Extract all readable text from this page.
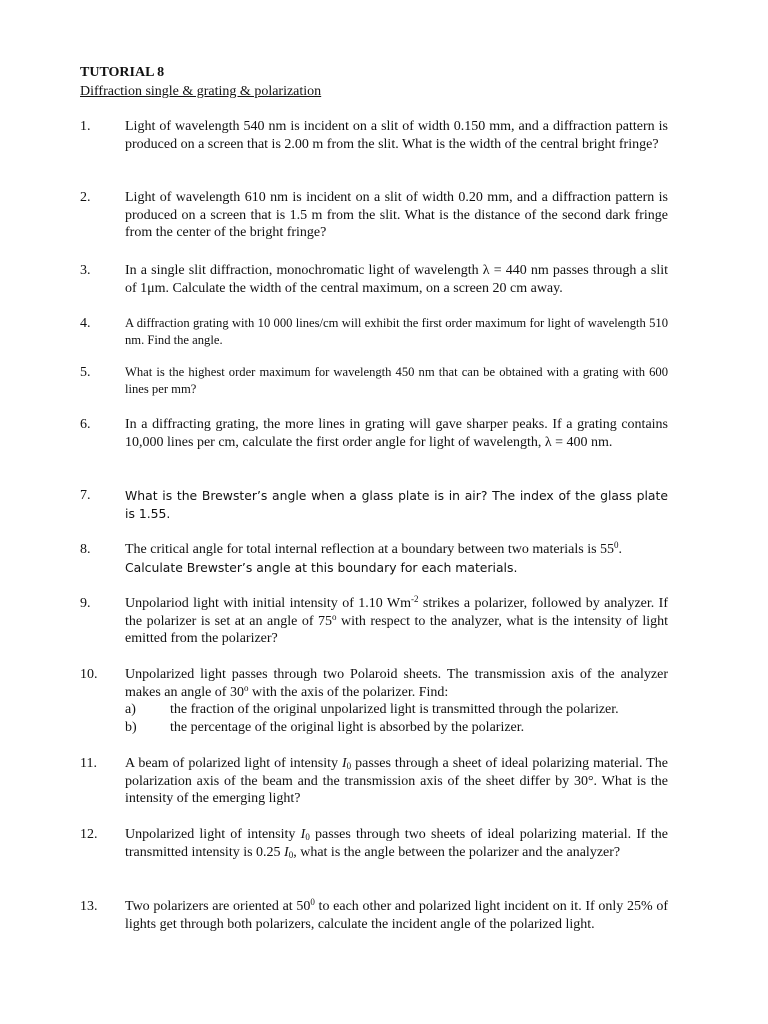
TUTORIAL 8
Diffraction single & grating & polarization
1. Light of wavelength 540 nm is incident on a slit of width 0.150 mm, and a diffraction pattern is produced on a screen that is 2.00 m from the slit. What is the width of the central bright fringe?
2. Light of wavelength 610 nm is incident on a slit of width 0.20 mm, and a diffraction pattern is produced on a screen that is 1.5 m from the slit. What is the distance of the second dark fringe from the center of the bright fringe?
3. In a single slit diffraction, monochromatic light of wavelength λ = 440 nm passes through a slit of 1μm. Calculate the width of the central maximum, on a screen 20 cm away.
4.	A diffraction grating with 10 000 lines/cm will exhibit the first order maximum for light of wavelength 510 nm. Find the angle.
5.	What is the highest order maximum for wavelength 450 nm that can be obtained with a grating with 600 lines per mm?
6. In a diffracting grating, the more lines in grating will gave sharper peaks. If a grating contains 10,000 lines per cm, calculate the first order angle for light of wavelength, λ = 400 nm.
7.	What is the Brewster’s angle when a glass plate is in air? The index of the glass plate is 1.55.
8. The critical angle for total internal reflection at a boundary between two materials is $55^0$.
Calculate Brewster’s angle at this boundary for each materials.
9. Unpolariod light with initial intensity of 1.10 $Wm^{-2}$ strikes a polarizer, followed by analyzer. If the polarizer is set at an angle of 75$^o$ with respect to the analyzer, what is the intensity of light emitted from the polarizer?
10. Unpolarized light passes through two Polaroid sheets. The transmission axis of the analyzer makes an angle of 30$^o$ with the axis of the polarizer. Find:
a) the fraction of the original unpolarized light is transmitted through the polarizer.
b) the percentage of the original light is absorbed by the polarizer.
11. A beam of polarized light of intensity $I_0$ passes through a sheet of ideal polarizing material. The polarization axis of the beam and the transmission axis of the sheet differ by 30°. What is the intensity of the emerging light?
12. Unpolarized light of intensity $I_0$ passes through two sheets of ideal polarizing material. If the transmitted intensity is 0.25 $I_0$, what is the angle between the polarizer and the analyzer?
13. Two polarizers are oriented at $50^0$ to each other and polarized light incident on it. If only 25% of lights get through both polarizers, calculate the incident angle of the polarized light.
